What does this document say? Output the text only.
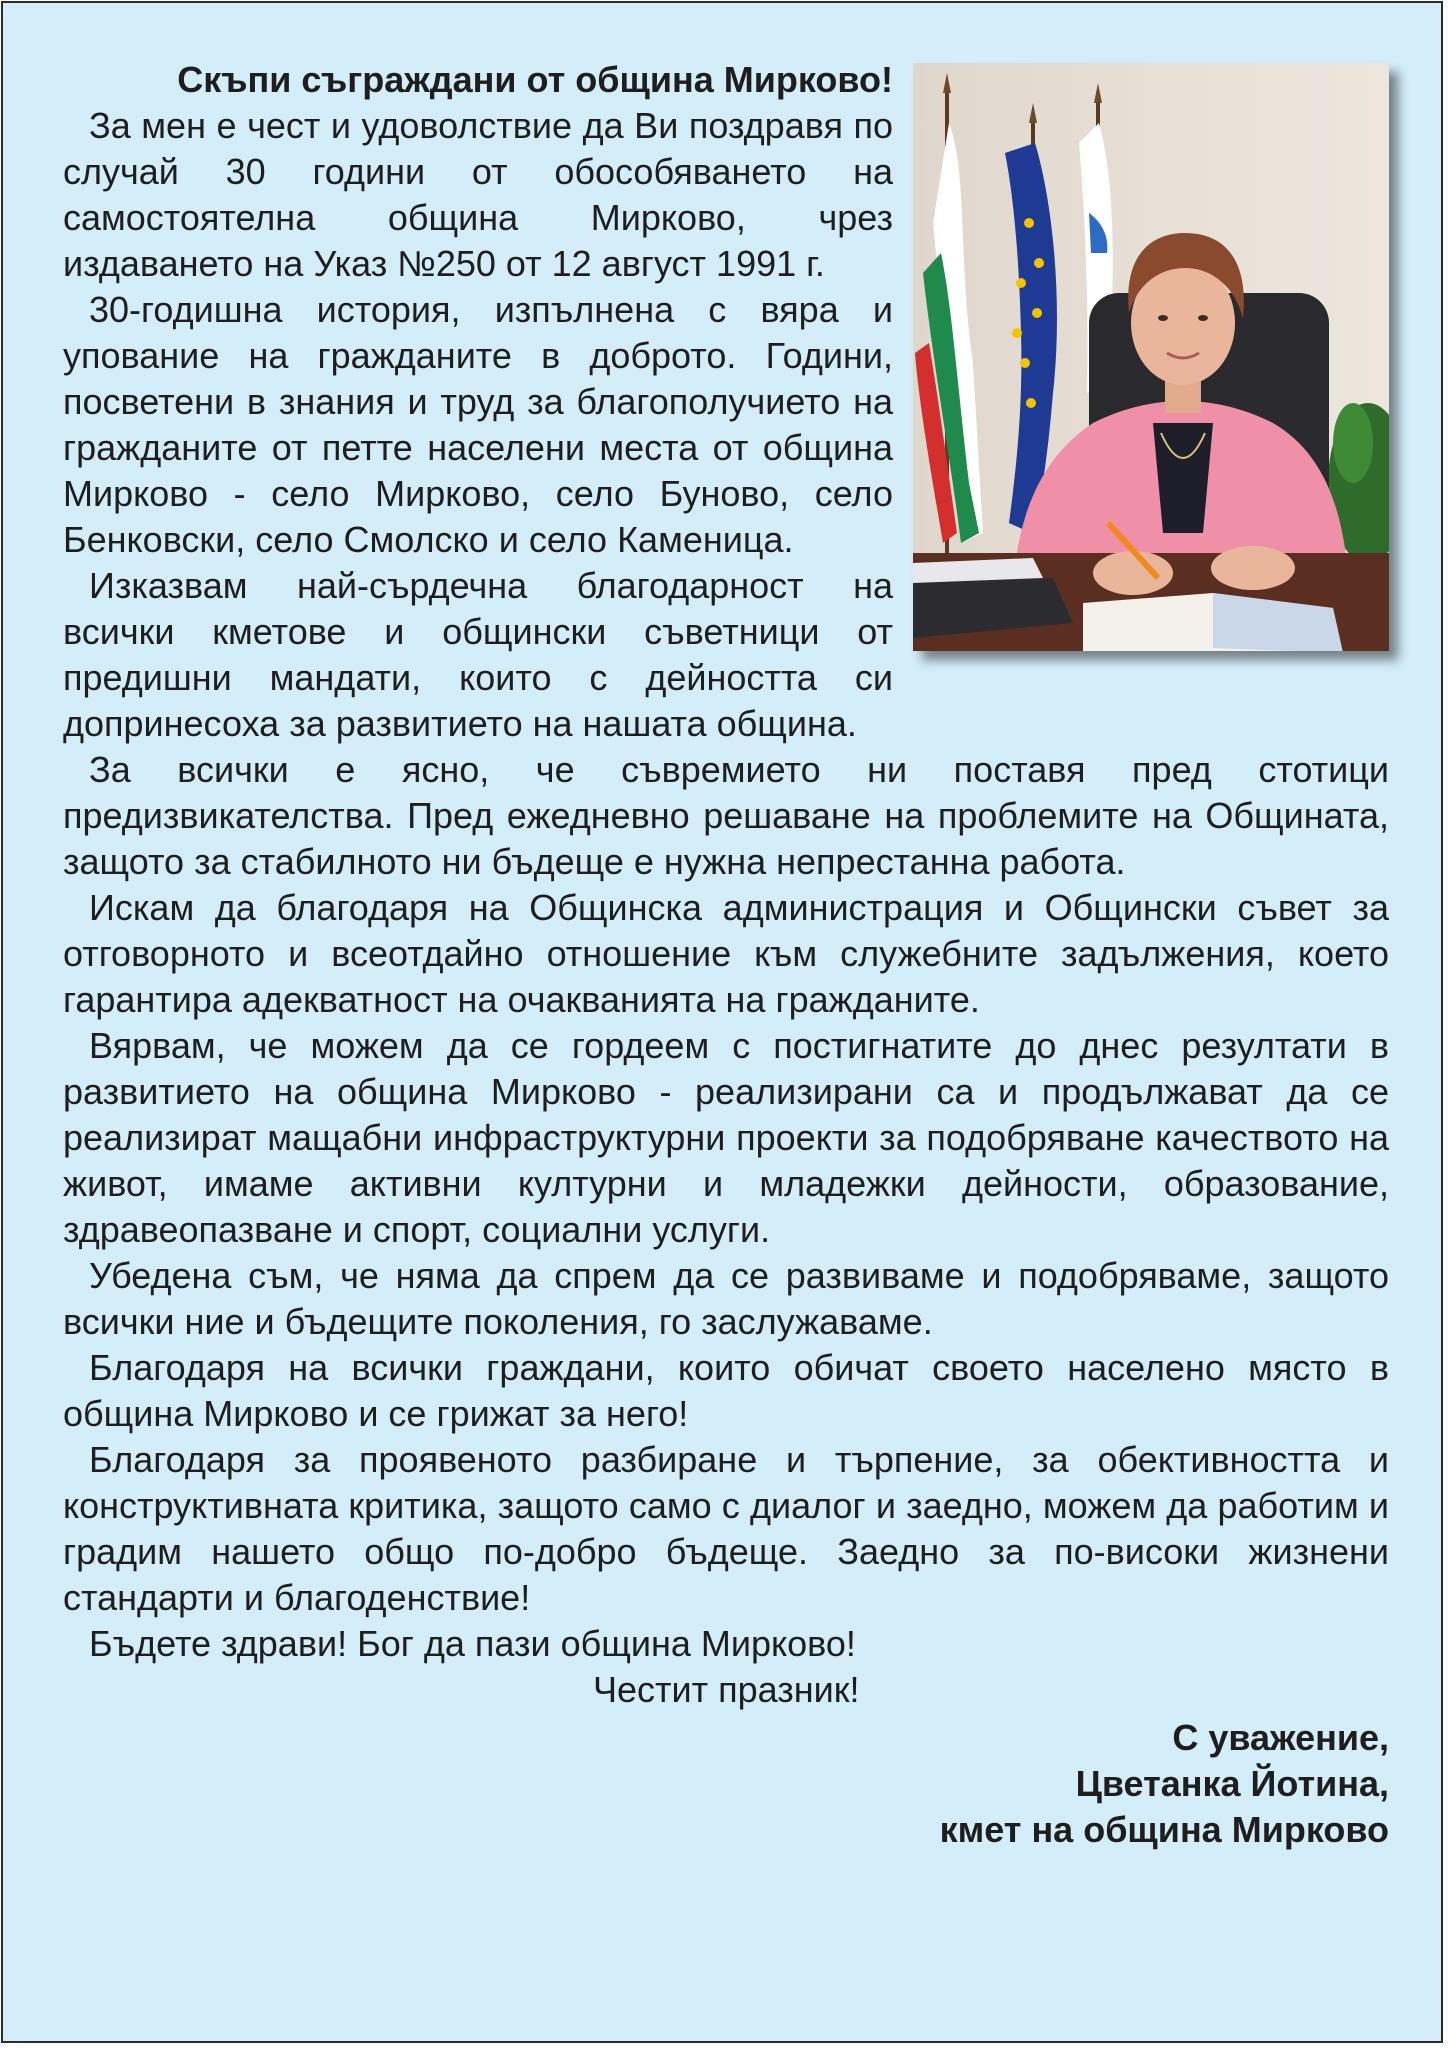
Скъпи съграждани от община Мирково!

За мен е чест и удоволствие да Ви поздравя по случай 30 години от обособяването на самостоятелна община Мирково, чрез издаването на Указ №250 от 12 август 1991 г.

30-годишна история, изпълнена с вяра и упование на гражданите в доброто. Години, посветени в знания и труд за благополучието на гражданите от петте населени места от община Мирково - село Мирково, село Буново, село Бенковски, село Смолско и село Каменица.

Изказвам най-сърдечна благодарност на всички кметове и общински съветници от предишни мандати, които с дейността си допринесоха за развитието на нашата община.

За всички е ясно, че съвремието ни поставя пред стотици предизвикателства. Пред ежедневно решаване на проблемите на Общината, защото за стабилното ни бъдеще е нужна непрестанна работа.

Искам да благодаря на Общинска администрация и Общински съвет за отговорното и всеотдайно отношение към служебните задължения, което гарантира адекватност на очакванията на гражданите.

Вярвам, че можем да се гордеем с постигнатите до днес резултати в развитието на община Мирково - реализирани са и продължават да се реализират мащабни инфраструктурни проекти за подобряване качеството на живот, имаме активни културни и младежки дейности, образование, здравеопазване и спорт, социални услуги.

Убедена съм, че няма да спрем да се развиваме и подобряваме, защото всички ние и бъдещите поколения, го заслужаваме.

Благодаря на всички граждани, които обичат своето населено място в община Мирково и се грижат за него!

Благодаря за проявеното разбиране и търпение, за обективността и конструктивната критика, защото само с диалог и заедно, можем да работим и градим нашето общо по-добро бъдеще. Заедно за по-високи жизнени стандарти и благоденствие!

Бъдете здрави! Бог да пази община Мирково!

Честит празник!

С уважение,
Цветанка Йотина,
кмет на община Мирково
